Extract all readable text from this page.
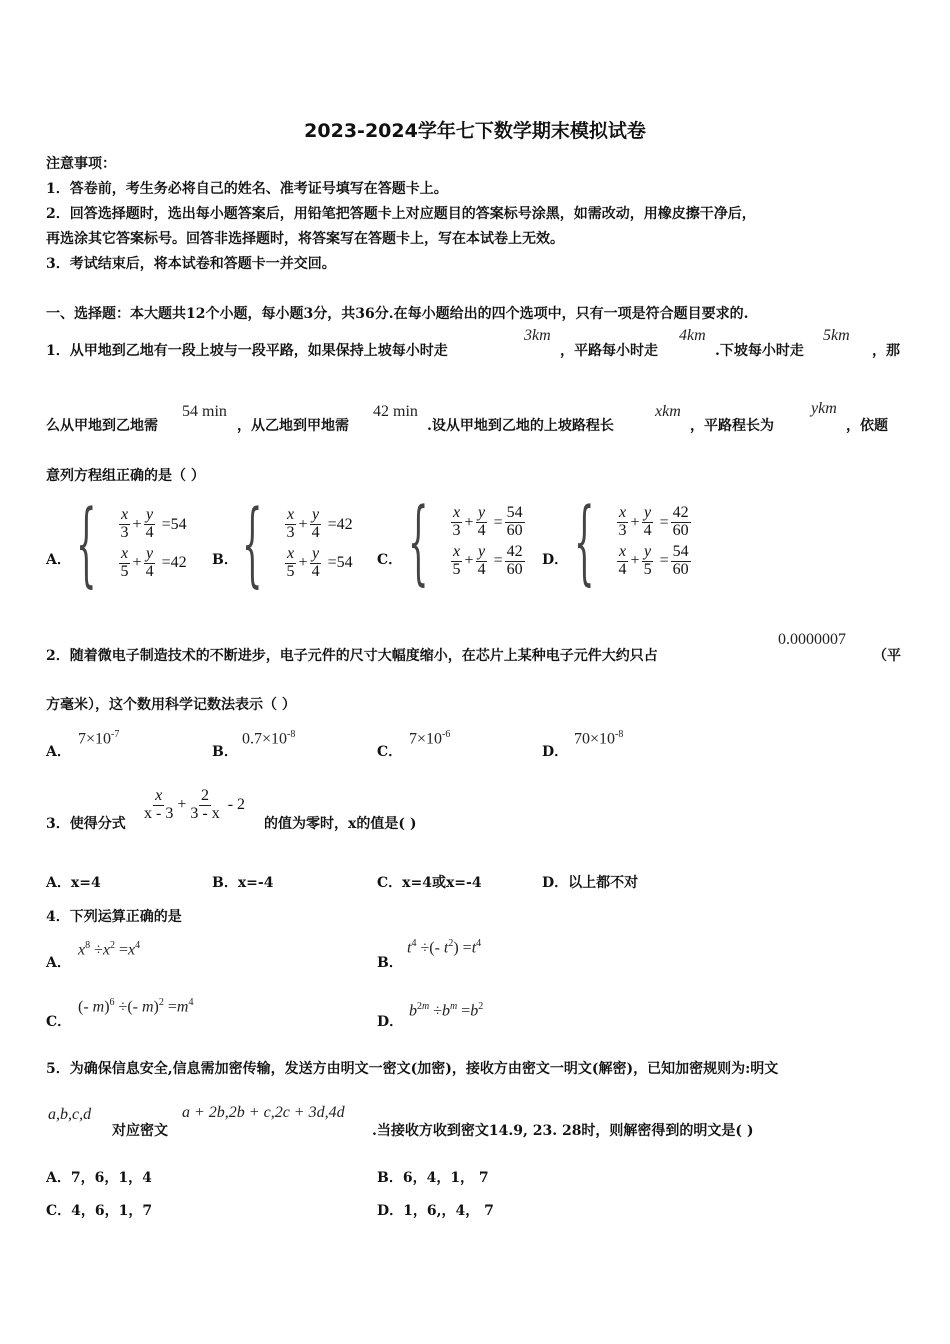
2023-2024学年七下数学期末模拟试卷
注意事项：
1．答卷前，考生务必将自己的姓名、准考证号填写在答题卡上。
2．回答选择题时，选出每小题答案后，用铅笔把答题卡上对应题目的答案标号涂黑，如需改动，用橡皮擦干净后，
再选涂其它答案标号。回答非选择题时，将答案写在答题卡上，写在本试卷上无效。
3．考试结束后，将本试卷和答题卡一并交回。
一、选择题：本大题共12个小题，每小题3分，共36分.在每小题给出的四个选项中，只有一项是符合题目要求的.
1．从甲地到乙地有一段上坡与一段平路，如果保持上坡每小时走
3km
，平路每小时走
4km
.下坡每小时走
5km
，那
么从甲地到乙地需
54 min
，从乙地到甲地需
42 min
.设从甲地到乙地的上坡路程长
xkm
，平路程长为
ykm
，依题
意列方程组正确的是（ ）
A．	B．	C．	D．
{ $\frac{x}{3} + \frac{y}{4} = 54$
$\frac{x}{5} + \frac{y}{4} = 42$ { $\frac{x}{3} + \frac{y}{4} = 42$
$\frac{x}{5} + \frac{y}{4} = 54$ { $\frac{x}{3} + \frac{y}{4} = \frac{54}{60}$
$\frac{x}{5} + \frac{y}{4} = \frac{42}{60}$ { $\frac{x}{3} + \frac{y}{4} = \frac{42}{60}$
$\frac{x}{4} + \frac{y}{5} = \frac{54}{60}$
2．随着微电子制造技术的不断进步，电子元件的尺寸大幅度缩小，在芯片上某种电子元件大约只占
0.0000007
（平
方毫米），这个数用科学记数法表示（ ）
A．
$7\times 10^{-7}$
B．
$0.7\times 10^{-8}$
C．
$7\times 10^{-6}$
D．
$70\times 10^{-8}$
3．使得分式
$\frac{x}{x - 3} + \frac{2}{3 - x} - 2$
的值为零时，x的值是( )
A．x=4	B．x=-4	C．x=4或x=-4	D．以上都不对
4．下列运算正确的是
A．
$x^8 \div x^2 =x^4$
B．
$t^4$ ÷(- $t^2) =t^4$
C．
(- m)$^6$ ÷(- $m)^2 =m^4$
D．
$b^{2m} \div b^m =b^2$
5．为确保信息安全,信息需加密传输，发送方由明文一密文(加密)，接收方由密文一明文(解密)，已知加密规则为:明文
a,b,c,d
对应密文
a + 2b,2b + c,2c + 3d,4d
.当接收方收到密文14.9, 23. 28时，则解密得到的明文是( )
A．7，6，1，4	B．6，4，1， 7
C．4，6，1，7	D．1，6,，4， 7
